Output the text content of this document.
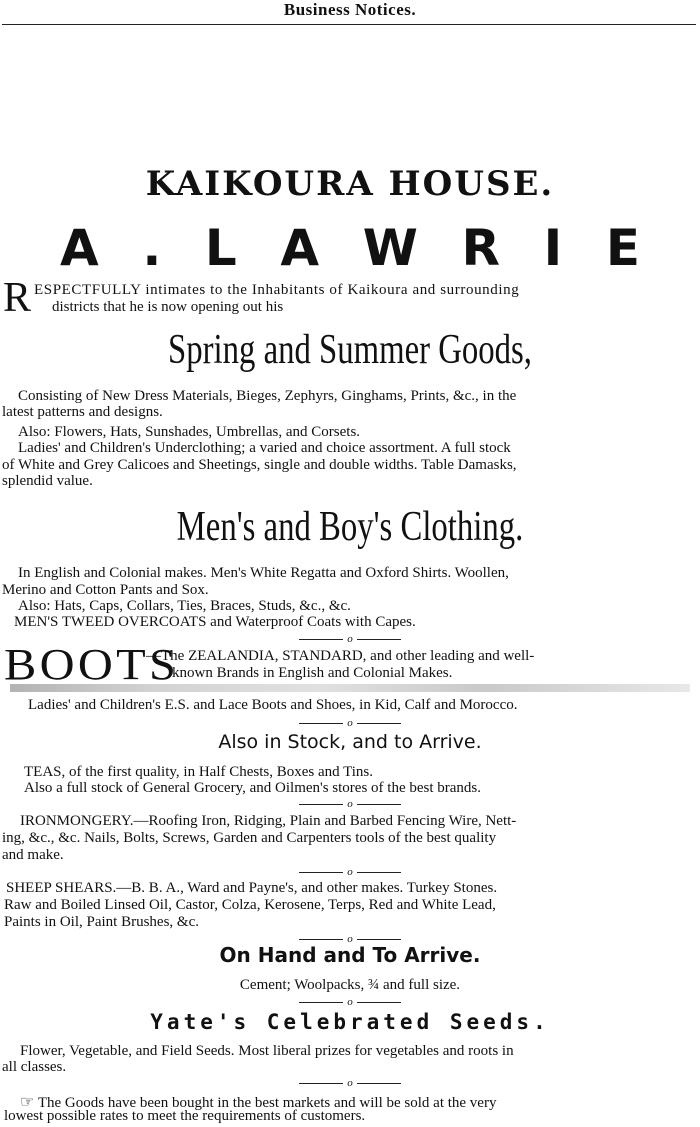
Business Notices.
KAIKOURA HOUSE.
A . L A W R I E
R ESPECTFULLY intimates to the Inhabitants of Kaikoura and surrounding
districts that he is now opening out his
Spring and Summer Goods,
Consisting of New Dress Materials, Bieges, Zephyrs, Ginghams, Prints, &c., in the
latest patterns and designs.
Also: Flowers, Hats, Sunshades, Umbrellas, and Corsets.
Ladies' and Children's Underclothing; a varied and choice assortment. A full stock
of White and Grey Calicoes and Sheetings, single and double widths. Table Damasks,
splendid value.
Men's and Boy's Clothing.
In English and Colonial makes. Men's White Regatta and Oxford Shirts. Woollen,
Merino and Cotton Pants and Sox.
Also: Hats, Caps, Collars, Ties, Braces, Studs, &c., &c.
MEN'S TWEED OVERCOATS and Waterproof Coats with Capes.
o
BOOTS
—The ZEALANDIA, STANDARD, and other leading and well-
known Brands in English and Colonial Makes.
Ladies' and Children's E.S. and Lace Boots and Shoes, in Kid, Calf and Morocco.
o
Also in Stock, and to Arrive.
TEAS, of the first quality, in Half Chests, Boxes and Tins.
Also a full stock of General Grocery, and Oilmen's stores of the best brands.
o
IRONMONGERY.—Roofing Iron, Ridging, Plain and Barbed Fencing Wire, Nett-
ing, &c., &c. Nails, Bolts, Screws, Garden and Carpenters tools of the best quality
and make.
o
SHEEP SHEARS.—B. B. A., Ward and Payne's, and other makes. Turkey Stones.
Raw and Boiled Linsed Oil, Castor, Colza, Kerosene, Terps, Red and White Lead,
Paints in Oil, Paint Brushes, &c.
o
On Hand and To Arrive.
Cement; Woolpacks, ¾ and full size.
o
Yate's Celebrated Seeds.
Flower, Vegetable, and Field Seeds. Most liberal prizes for vegetables and roots in
all classes.
o
☞ The Goods have been bought in the best markets and will be sold at the very
lowest possible rates to meet the requirements of customers.
